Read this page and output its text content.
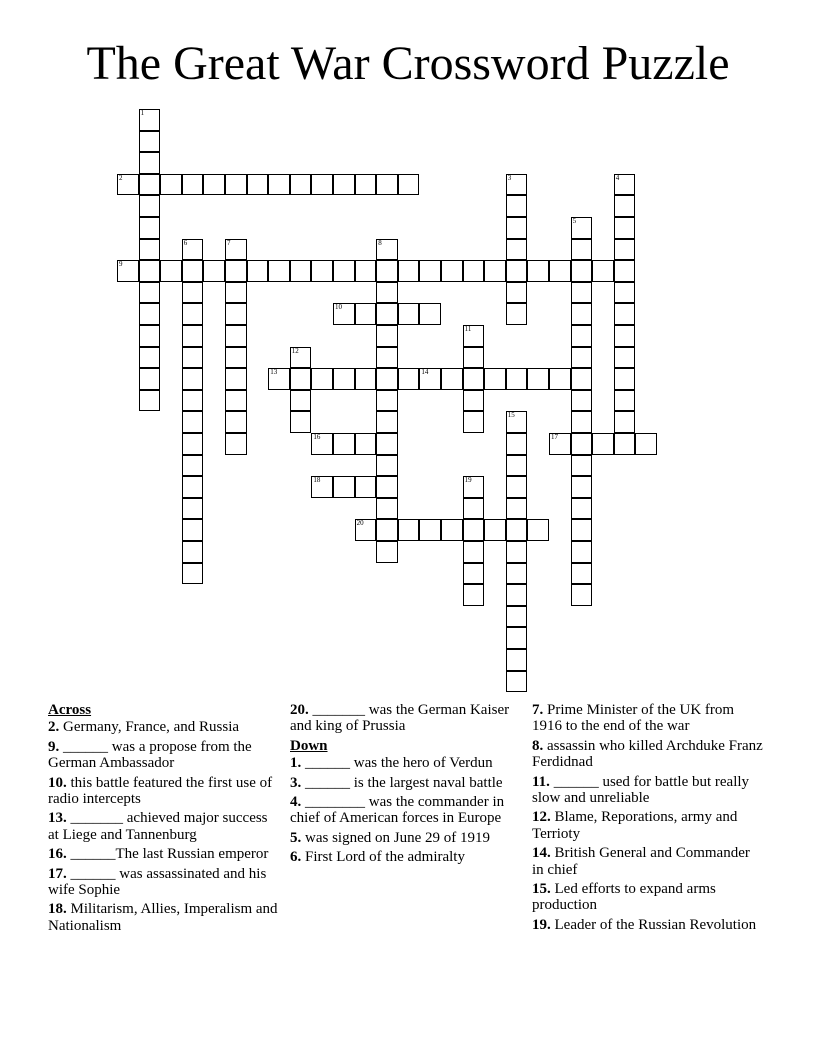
The Great War Crossword Puzzle
1
2	3	4
5
6	7	8
9
10
11
12
13	14
15
16	17
18	19
20
Across
2. Germany, France, and Russia
9. ______ was a propose from the German Ambassador
10. this battle featured the first use of radio intercepts
13. _______ achieved major success at Liege and Tannenburg
16. ______The last Russian emperor
17. ______ was assassinated and his wife Sophie
18. Militarism, Allies, Imperalism and Nationalism
20. _______ was the German Kaiser and king of Prussia
Down
1. ______ was the hero of Verdun
3. ______ is the largest naval battle
4. ________ was the commander in chief of American forces in Europe
5. was signed on June 29 of 1919
6. First Lord of the admiralty
7. Prime Minister of the UK from 1916 to the end of the war
8. assassin who killed Archduke Franz Ferdidnad
11. ______ used for battle but really slow and unreliable
12. Blame, Reporations, army and Terrioty
14. British General and Commander in chief
15. Led efforts to expand arms production
19. Leader of the Russian Revolution
